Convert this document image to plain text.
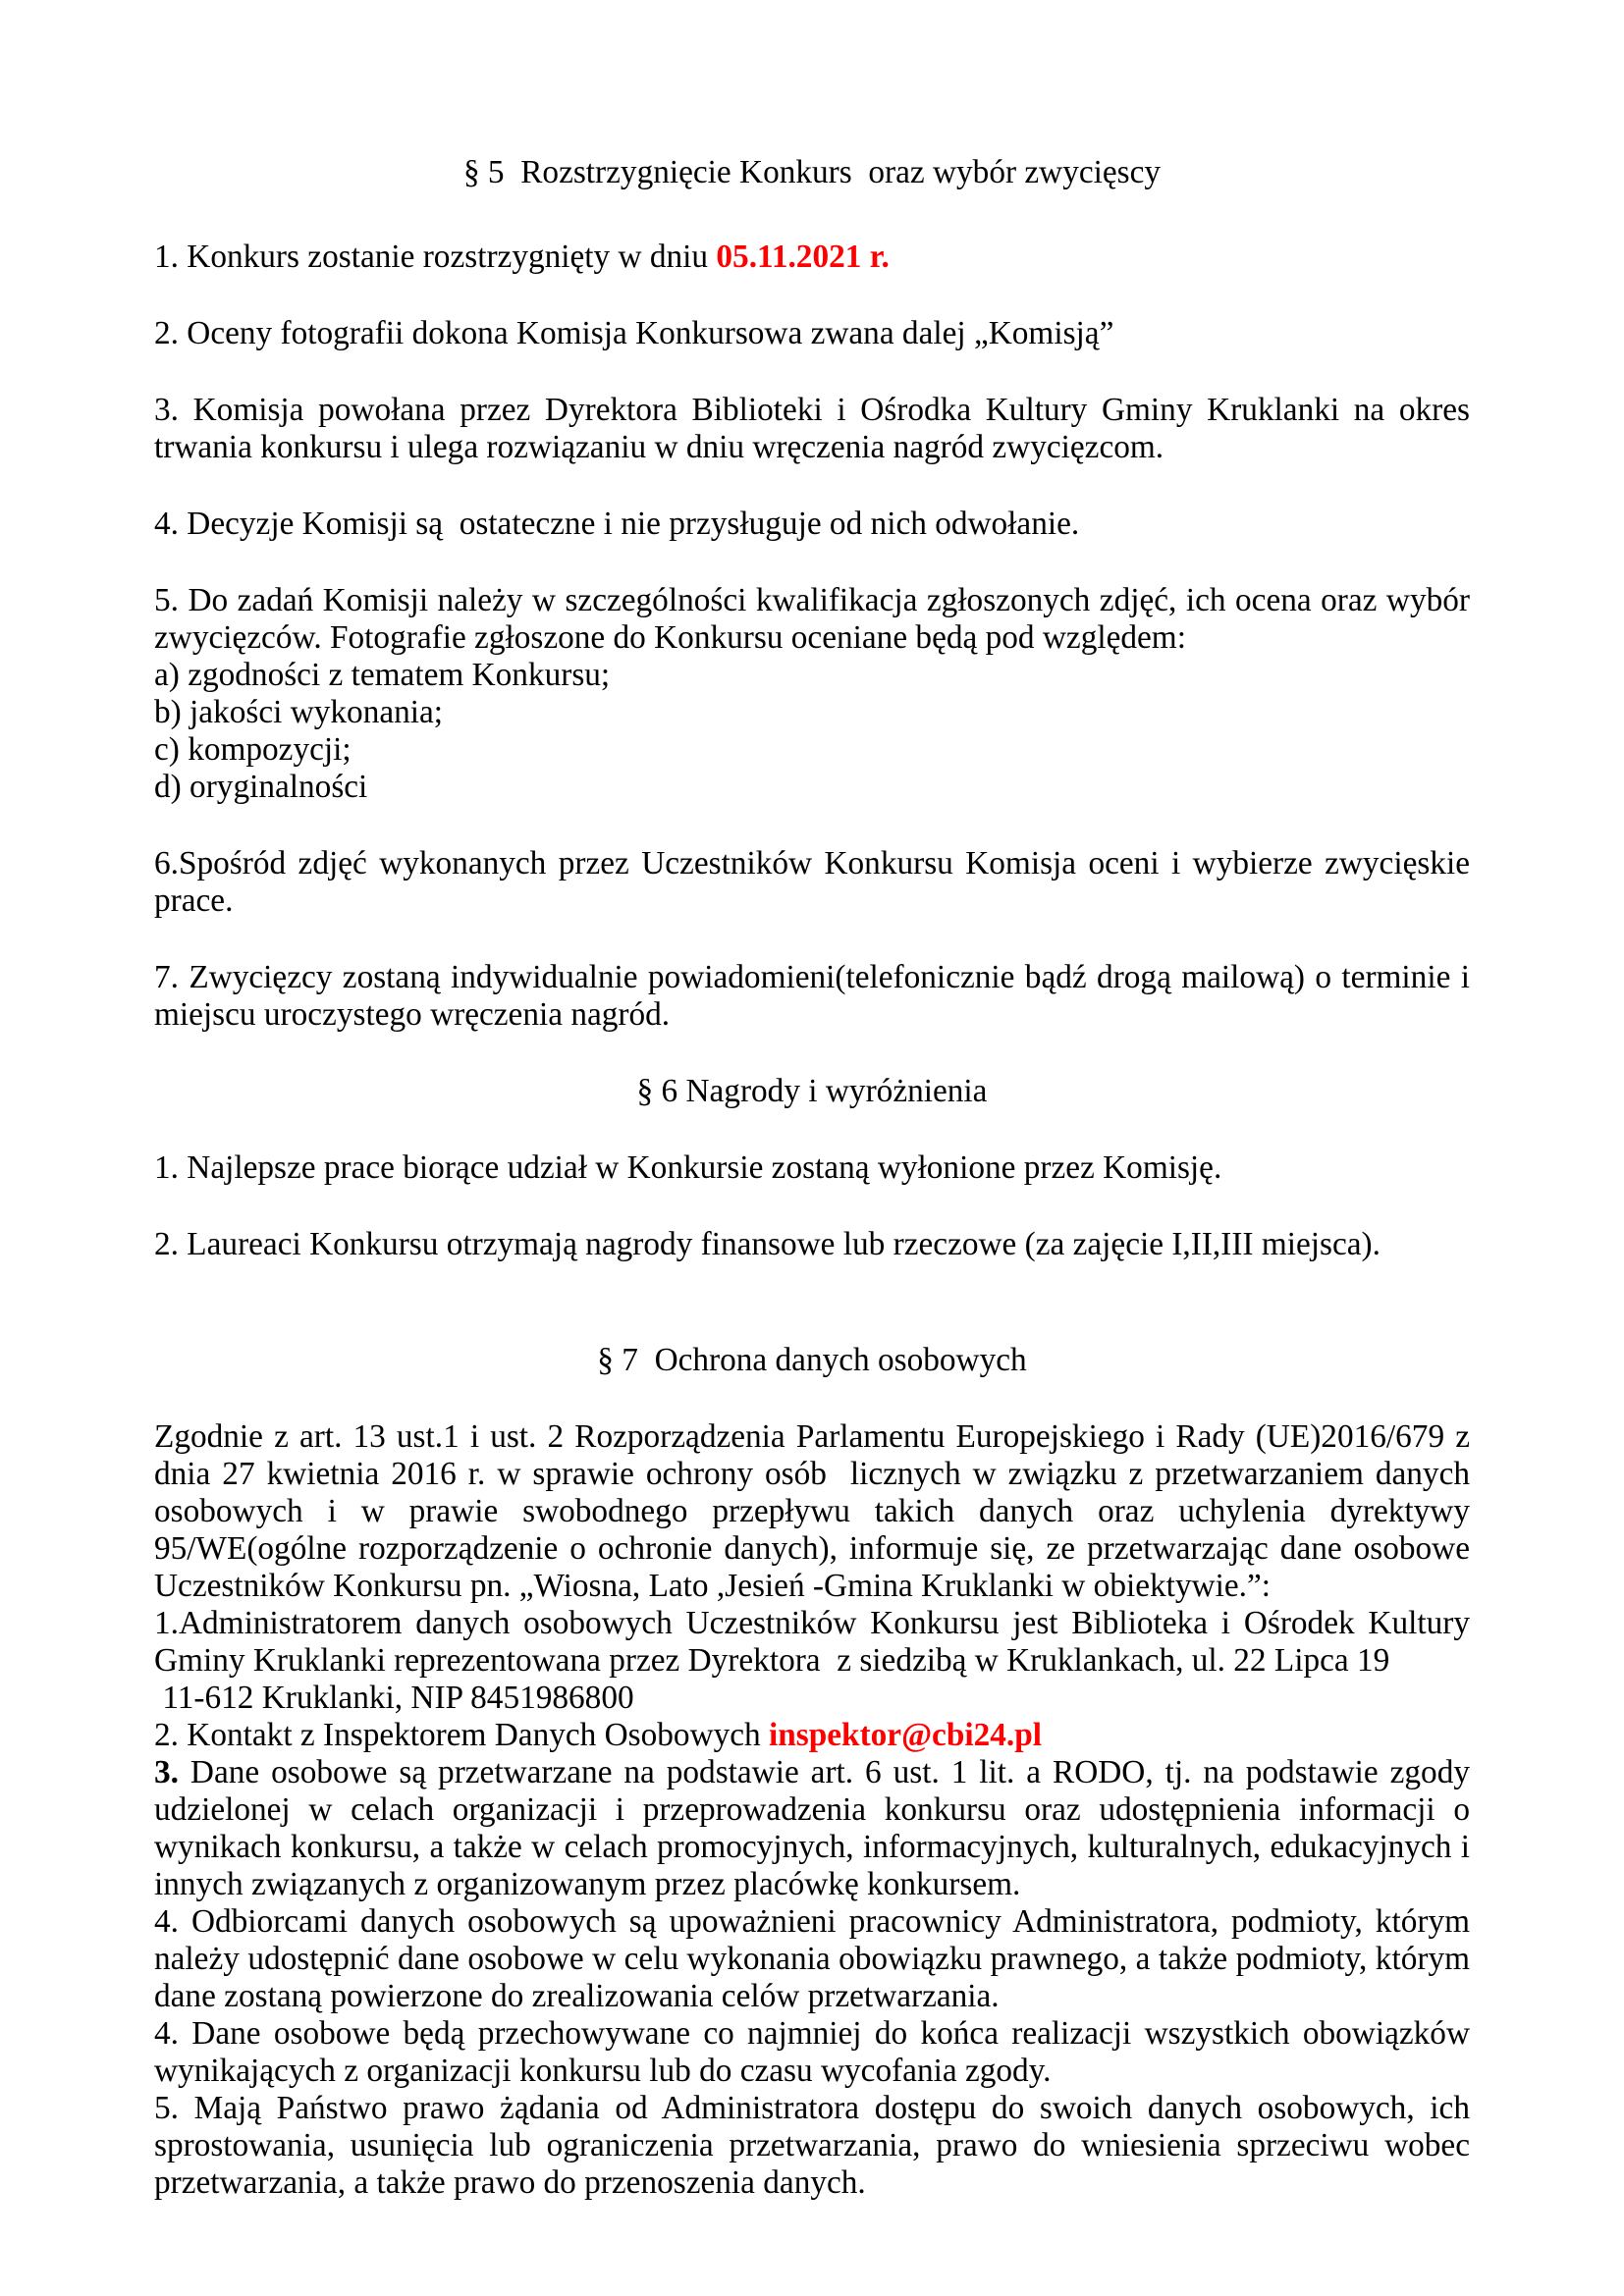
§ 5  Rozstrzygnięcie Konkurs  oraz wybór zwycięscy

1. Konkurs zostanie rozstrzygnięty w dniu 05.11.2021 r.

2. Oceny fotografii dokona Komisja Konkursowa zwana dalej „Komisją”

3. Komisja powołana przez Dyrektora Biblioteki i Ośrodka Kultury Gminy Kruklanki na okres trwania konkursu i ulega rozwiązaniu w dniu wręczenia nagród zwycięzcom.

4. Decyzje Komisji są  ostateczne i nie przysługuje od nich odwołanie.

5. Do zadań Komisji należy w szczególności kwalifikacja zgłoszonych zdjęć, ich ocena oraz wybór zwycięzców. Fotografie zgłoszone do Konkursu oceniane będą pod względem:

a) zgodności z tematem Konkursu;

b) jakości wykonania;

c) kompozycji;

d) oryginalności

6.Spośród zdjęć wykonanych przez Uczestników Konkursu Komisja oceni i wybierze zwycięskie prace.

7. Zwycięzcy zostaną indywidualnie powiadomieni(telefonicznie bądź drogą mailową) o terminie i miejscu uroczystego wręczenia nagród.

§ 6 Nagrody i wyróżnienia

1. Najlepsze prace biorące udział w Konkursie zostaną wyłonione przez Komisję.

2. Laureaci Konkursu otrzymają nagrody finansowe lub rzeczowe (za zajęcie I,II,III miejsca).

§ 7  Ochrona danych osobowych

Zgodnie z art. 13 ust.1 i ust. 2 Rozporządzenia Parlamentu Europejskiego i Rady (UE)2016/679 z dnia 27 kwietnia 2016 r. w sprawie ochrony osób  licznych w związku z przetwarzaniem danych osobowych i w prawie swobodnego przepływu takich danych oraz uchylenia dyrektywy 95/WE(ogólne rozporządzenie o ochronie danych), informuje się, ze przetwarzając dane osobowe Uczestników Konkursu pn. „Wiosna, Lato ,Jesień -Gmina Kruklanki w obiektywie.”:

1.Administratorem danych osobowych Uczestników Konkursu jest Biblioteka i Ośrodek Kultury Gminy Kruklanki reprezentowana przez Dyrektora  z siedzibą w Kruklankach, ul. 22 Lipca 19

11-612 Kruklanki, NIP 8451986800

2. Kontakt z Inspektorem Danych Osobowych inspektor@cbi24.pl

3. Dane osobowe są przetwarzane na podstawie art. 6 ust. 1 lit. a RODO, tj. na podstawie zgody udzielonej w celach organizacji i przeprowadzenia konkursu oraz udostępnienia informacji o wynikach konkursu, a także w celach promocyjnych, informacyjnych, kulturalnych, edukacyjnych i innych związanych z organizowanym przez placówkę konkursem.

4. Odbiorcami danych osobowych są upoważnieni pracownicy Administratora, podmioty, którym należy udostępnić dane osobowe w celu wykonania obowiązku prawnego, a także podmioty, którym dane zostaną powierzone do zrealizowania celów przetwarzania.

4. Dane osobowe będą przechowywane co najmniej do końca realizacji wszystkich obowiązków wynikających z organizacji konkursu lub do czasu wycofania zgody.

5. Mają Państwo prawo żądania od Administratora dostępu do swoich danych osobowych, ich sprostowania, usunięcia lub ograniczenia przetwarzania, prawo do wniesienia sprzeciwu wobec przetwarzania, a także prawo do przenoszenia danych.
